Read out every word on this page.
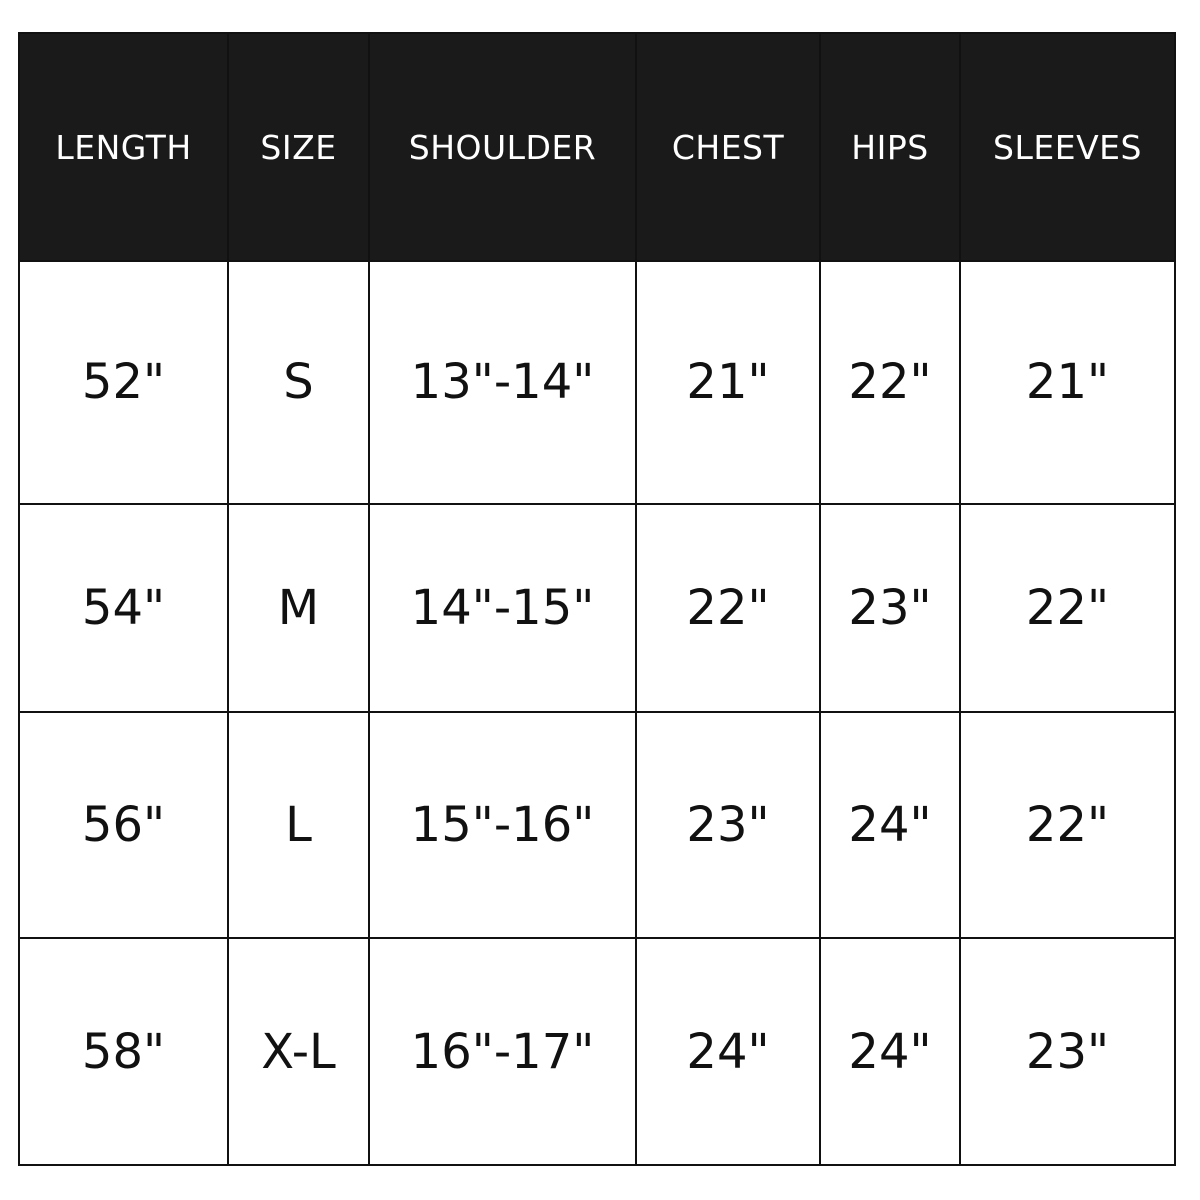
LENGTH	SIZE	SHOULDER	CHEST	HIPS	SLEEVES
52"	S	13"-14"	21"	22"	21"
54"	M	14"-15"	22"	23"	22"
56"	L	15"-16"	23"	24"	22"
58"	X-L	16"-17"	24"	24"	23"
